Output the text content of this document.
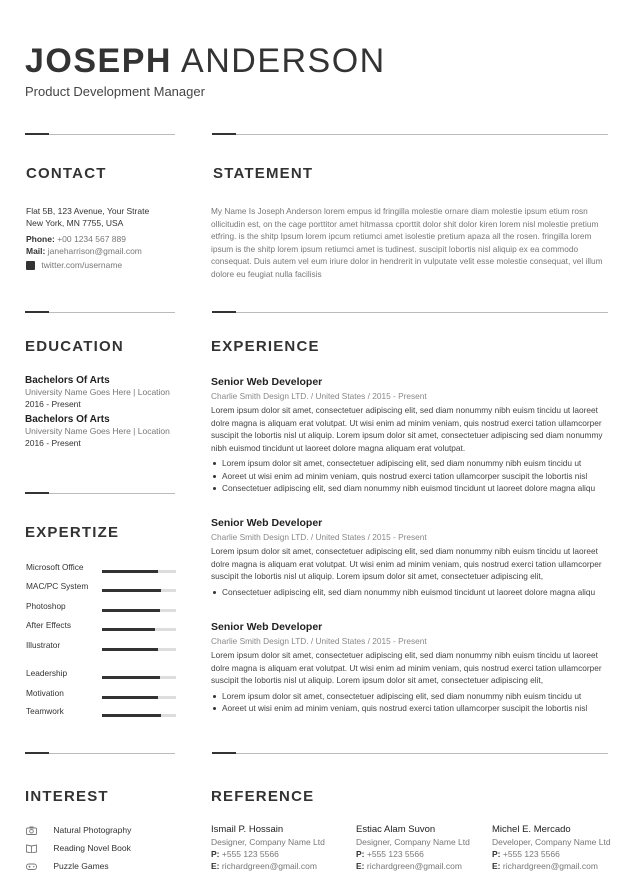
JOSEPH ANDERSON
Product Development Manager
CONTACT
Flat 5B, 123 Avenue, Your Strate
New York, MN 7755, USA
Phone: +00 1234 567 889
Mail: janeharrison@gmail.com
twitter.com/username
STATEMENT
My Name Is Joseph Anderson lorem empus id fringilla molestie ornare diam molestie ipsum etium rosn ollicitudin est, on the cage porttitor amet hitmassa cporttit dolor shit dolor kiren lorem nisl molestie pretium etfring. is the shitp Ipsum lorem ipcum retiumci amet isolestie pretium apaza all the rosen. fringilla lorem ipsum is the shitp lorem ipsum retiumci amet is tudinest. suscipit lobortis nisl aliquip ex ea commodo consequat. Duis autem vel eum iriure dolor in hendrerit in vulputate velit esse molestie consequat, vel illum dolore eu feugiat nulla facilisis
EDUCATION
Bachelors Of Arts
University Name Goes Here | Location
2016 - Present
Bachelors Of Arts
University Name Goes Here | Location
2016 - Present
EXPERTIZE
Microsoft Office
MAC/PC System
Photoshop
After Effects
Illustrator
Leadership
Motivation
Teamwork
EXPERIENCE
Senior Web Developer
Charlie Smith Design LTD. / United States / 2015 - Present
Lorem ipsum dolor sit amet, consectetuer adipiscing elit, sed diam nonummy nibh euism tincidu ut laoreet dolre magna is aliquam erat volutpat. Ut wisi enim ad minim veniam, quis nostrud exerci tation ullamcorper suscipit the lobortis nisl ut aliquip. Lorem ipsum dolor sit amet, consectetuer adipiscing sed diam nonummy nibh euismod tincidunt ut laoreet dolore magna aliquam erat volutpat.
Lorem ipsum dolor sit amet, consectetuer adipiscing elit, sed diam nonummy nibh euism tincidu ut
Aoreet ut wisi enim ad minim veniam, quis nostrud exerci tation ullamcorper suscipit the lobortis nisl
Consectetuer adipiscing elit, sed diam nonummy nibh euismod tincidunt ut laoreet dolore magna aliqu
Senior Web Developer
Charlie Smith Design LTD. / United States / 2015 - Present
Lorem ipsum dolor sit amet, consectetuer adipiscing elit, sed diam nonummy nibh euism tincidu ut laoreet dolre magna is aliquam erat volutpat. Ut wisi enim ad minim veniam, quis nostrud exerci tation ullamcorper suscipit the lobortis nisl ut aliquip. Lorem ipsum dolor sit amet, consectetuer adipiscing elit,
Consectetuer adipiscing elit, sed diam nonummy nibh euismod tincidunt ut laoreet dolore magna aliqu
Senior Web Developer
Charlie Smith Design LTD. / United States / 2015 - Present
Lorem ipsum dolor sit amet, consectetuer adipiscing elit, sed diam nonummy nibh euism tincidu ut laoreet dolre magna is aliquam erat volutpat. Ut wisi enim ad minim veniam, quis nostrud exerci tation ullamcorper suscipit the lobortis nisl ut aliquip. Lorem ipsum dolor sit amet, consectetuer adipiscing elit,
Lorem ipsum dolor sit amet, consectetuer adipiscing elit, sed diam nonummy nibh euism tincidu ut
Aoreet ut wisi enim ad minim veniam, quis nostrud exerci tation ullamcorper suscipit the lobortis nisl
INTEREST
Natural Photography
Reading Novel Book
Puzzle Games
REFERENCE
Ismail P. Hossain
Designer, Company Name Ltd
P: +555 123 5566
E: richardgreen@gmail.com
Estiac Alam Suvon
Designer, Company Name Ltd
P: +555 123 5566
E: richardgreen@gmail.com
Michel E. Mercado
Developer, Company Name Ltd
P: +555 123 5566
E: richardgreen@gmail.com
